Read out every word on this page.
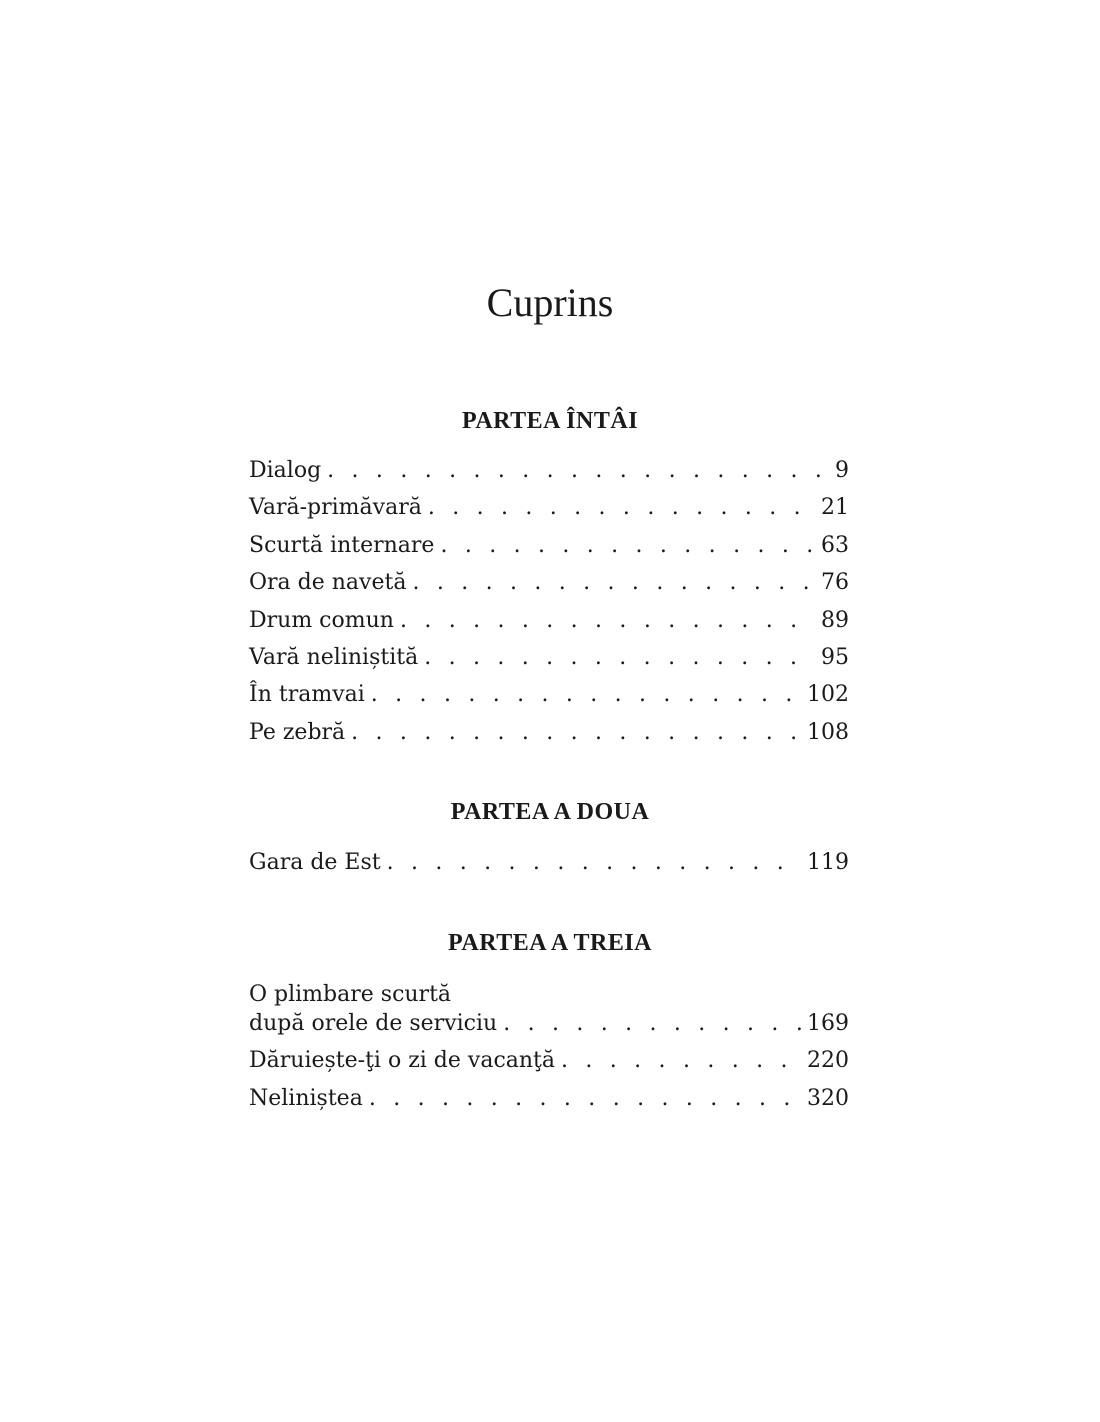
Cuprins
PARTEA ÎNTÂI
Dialog . . .	9
Vară-primăvară . . .	21
Scurtă internare . . .	63
Ora de navetă . . .	76
Drum comun . . .	89
Vară neliniștită . . .	95
În tramvai . . .	102
Pe zebră . . .	108
PARTEA A DOUA
Gara de Est . . .	119
PARTEA A TREIA
O plimbare scurtă
după orele de serviciu . . .	169
Dăruiește-ţi o zi de vacanţă . . .	220
Neliniștea . . .	320
